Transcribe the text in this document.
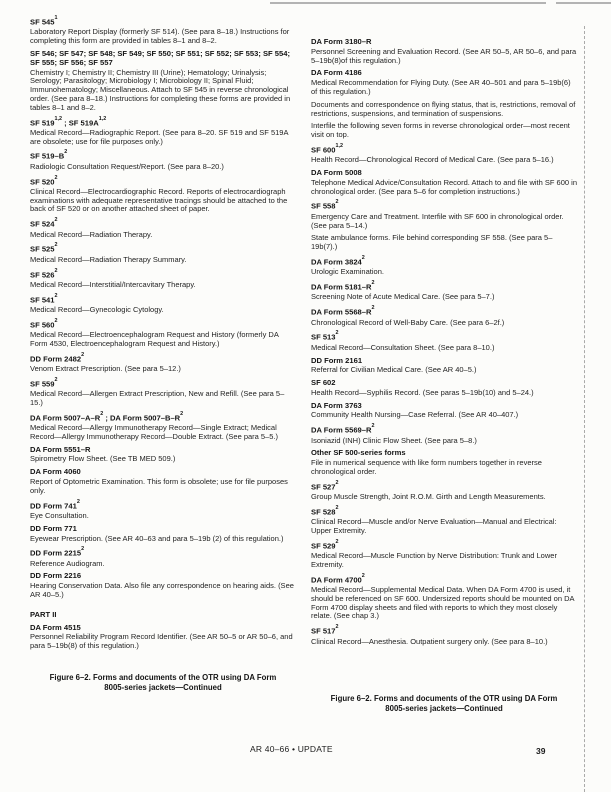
SF $545^1$
Laboratory Report Display (formerly SF 514). (See para 8–18.) Instructions for completing this form are provided in tables 8–1 and 8–2.
SF 546; SF 547; SF 548; SF 549; SF 550; SF 551; SF 552; SF 553; SF 554; SF 555; SF 556; SF 557
Chemistry I; Chemistry II; Chemistry III (Urine); Hematology; Urinalysis; Serology; Parasitology; Microbiology I; Microbiology II; Spinal Fluid; Immunohematology; Miscellaneous. Attach to SF 545 in reverse chronological order. (See para 8–18.) Instructions for completing these forms are provided in tables 8–1 and 8–2.
SF 519$^{1,2}$ ; SF $519A^{1,2}$
Medical Record—Radiographic Report. (See para 8–20. SF 519 and SF 519A are obsolete; use for file purposes only.)
SF $519-B^2$
Radiologic Consultation Request/Report. (See para 8–20.)
SF $520^2$
Clinical Record—Electrocardiographic Record. Reports of electrocardiograph examinations with adequate representative tracings should be attached to the back of SF 520 or on another attached sheet of paper.
SF $524^2$
Medical Record—Radiation Therapy.
SF $525^2$
Medical Record—Radiation Therapy Summary.
SF $526^2$
Medical Record—Interstitial/Intercavitary Therapy.
SF $541^2$
Medical Record—Gynecologic Cytology.
SF $560^2$
Medical Record—Electroencephalogram Request and History (formerly DA Form 4530, Electroencephalogram Request and History.)
DD Form 2482$^2$
Venom Extract Prescription. (See para 5–12.)
SF $559^2$
Medical Record—Allergen Extract Prescription, New and Refill. (See para 5–15.)
DA Form $5007-A-R^2$ ; DA Form $5007-B-R^2$
Medical Record—Allergy Immunotherapy Record—Single Extract; Medical Record—Allergy Immunotherapy Record—Double Extract. (See para 5–5.)
DA Form 5551–R
Spirometry Flow Sheet. (See TB MED 509.)
DA Form 4060
Report of Optometric Examination. This form is obsolete; use for file purposes only.
DD Form $741^2$
Eye Consultation.
DD Form 771
Eyewear Prescription. (See AR 40–63 and para 5–19b (2) of this regulation.)
DD Form 2215$^2$
Reference Audiogram.
DD Form 2216
Hearing Conservation Data. Also file any correspondence on hearing aids. (See AR 40–5.)
PART II
DA Form 4515
Personnel Reliability Program Record Identifier. (See AR 50–5 or AR 50–6, and para 5–19b(8) of this regulation.)
Figure 6–2. Forms and documents of the OTR using DA Form
8005-series jackets—Continued
DA Form 3180–R
Personnel Screening and Evaluation Record. (See AR 50–5, AR 50–6, and para 5–19b(8)of this regulation.)
DA Form 4186
Medical Recommendation for Flying Duty. (See AR 40–501 and para 5–19b(6) of this regulation.)
Documents and correspondence on flying status, that is, restrictions, removal of restrictions, suspensions, and termination of suspensions.
Interfile the following seven forms in reverse chronological order—most recent visit on top.
SF 600$^{1,2}$
Health Record—Chronological Record of Medical Care. (See para 5–16.)
DA Form 5008
Telephone Medical Advice/Consultation Record. Attach to and file with SF 600 in chronological order. (See para 5–6 for completion instructions.)
SF $558^2$
Emergency Care and Treatment. Interfile with SF 600 in chronological order. (See para 5–14.)
State ambulance forms. File behind corresponding SF 558. (See para 5–19b(7).)
DA Form 3824$^2$
Urologic Examination.
DA Form $5181-R^2$
Screening Note of Acute Medical Care. (See para 5–7.)
DA Form $5568-R^2$
Chronological Record of Well-Baby Care. (See para 6–2f.)
SF $513^2$
Medical Record—Consultation Sheet. (See para 8–10.)
DD Form 2161
Referral for Civilian Medical Care. (See AR 40–5.)
SF 602
Health Record—Syphilis Record. (See paras 5–19b(10) and 5–24.)
DA Form 3763
Community Health Nursing—Case Referral. (See AR 40–407.)
DA Form $5569-R^2$
Isoniazid (INH) Clinic Flow Sheet. (See para 5–8.)
Other SF 500-series forms
File in numerical sequence with like form numbers together in reverse chronological order.
SF $527^2$
Group Muscle Strength, Joint R.O.M. Girth and Length Measurements.
SF $528^2$
Clinical Record—Muscle and/or Nerve Evaluation—Manual and Electrical: Upper Extremity.
SF $529^2$
Medical Record—Muscle Function by Nerve Distribution: Trunk and Lower Extremity.
DA Form 4700$^2$
Medical Record—Supplemental Medical Data. When DA Form 4700 is used, it should be referenced on SF 600. Undersized reports should be mounted on DA Form 4700 display sheets and filed with reports to which they most closely relate. (See chap 3.)
SF $517^2$
Clinical Record—Anesthesia. Outpatient surgery only. (See para 8–10.)
Figure 6–2. Forms and documents of the OTR using DA Form
8005-series jackets—Continued
AR 40–66 • UPDATE	39
